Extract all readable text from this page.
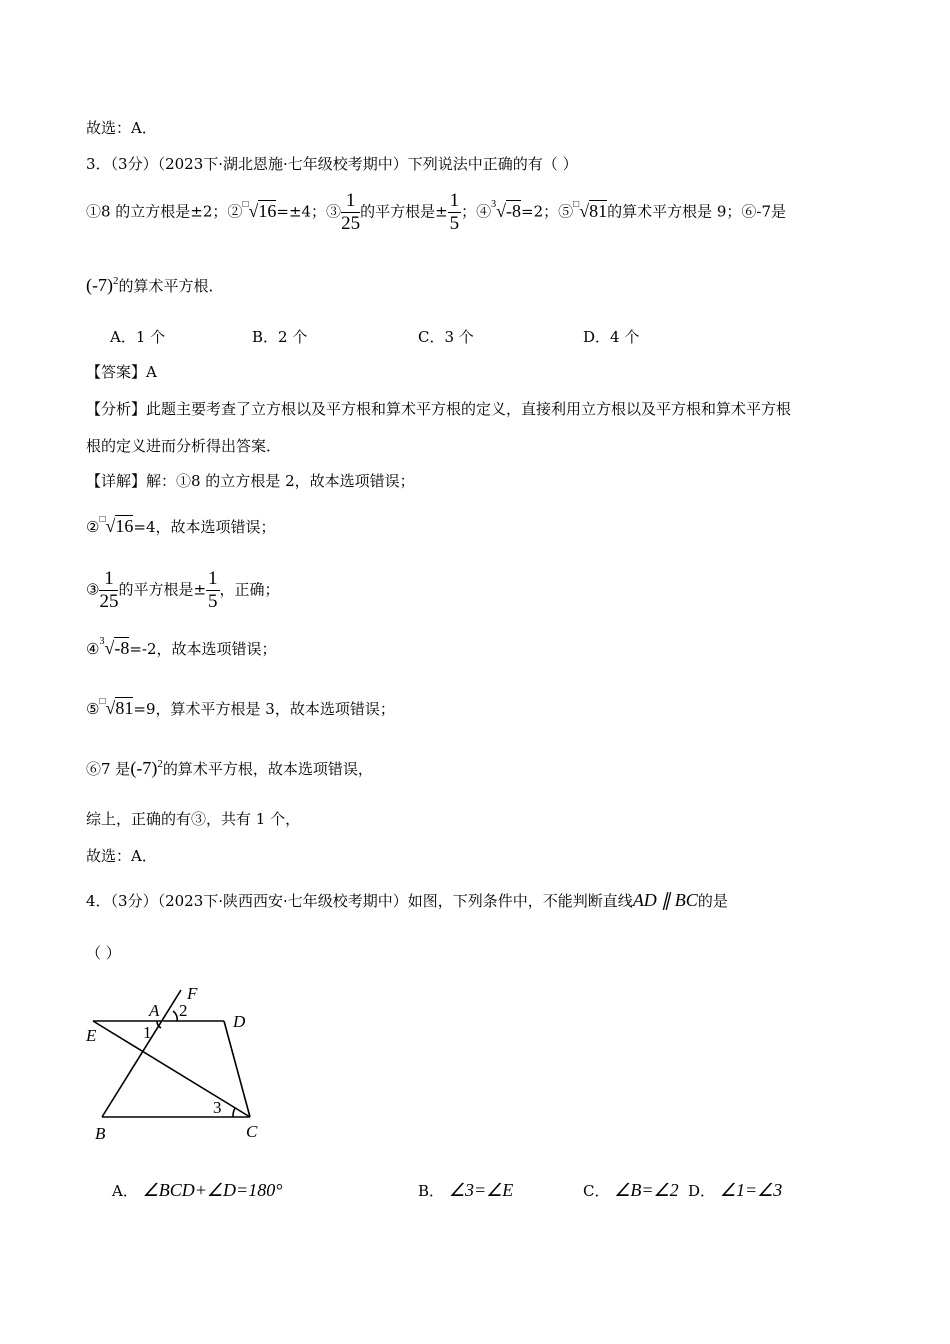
故选：A．
3．（3分）（2023下·湖北恩施·七年级校考期中）下列说法中正确的有（ ）
①8 的立方根是±2；②□√16=±4；③ $\frac{1}{25}$ 的平方根是± $\frac{1}{5}$ ；④$^3$√-8=2；⑤□√81的算术平方根是 9；⑥-7是
$(-7)^2$的算术平方根．
A．1 个	B．2 个	C．3 个	D．4 个
【答案】A
【分析】此题主要考查了立方根以及平方根和算术平方根的定义，直接利用立方根以及平方根和算术平方根
根的定义进而分析得出答案．
【详解】解：①8 的立方根是 2，故本选项错误；
②□√16=4，故本选项错误；
③ $\frac{1}{25}$ 的平方根是± $\frac{1}{5}$ ，正确；
④$^3$√-8=-2，故本选项错误；
⑤□√81=9，算术平方根是 3，故本选项错误；
⑥7 是$(-7)^2$的算术平方根，故本选项错误，
综上，正确的有③，共有 1 个，
故选：A．
4．（3分）（2023下·陕西西安·七年级校考期中）如图，下列条件中，不能判断直线AD ∥ BC的是
（ ）
F
A 2
D
E	1
3
B	C
A． ∠BCD+∠D=180°	B． ∠3=∠E	C． ∠B=∠2 D． ∠1=∠3
